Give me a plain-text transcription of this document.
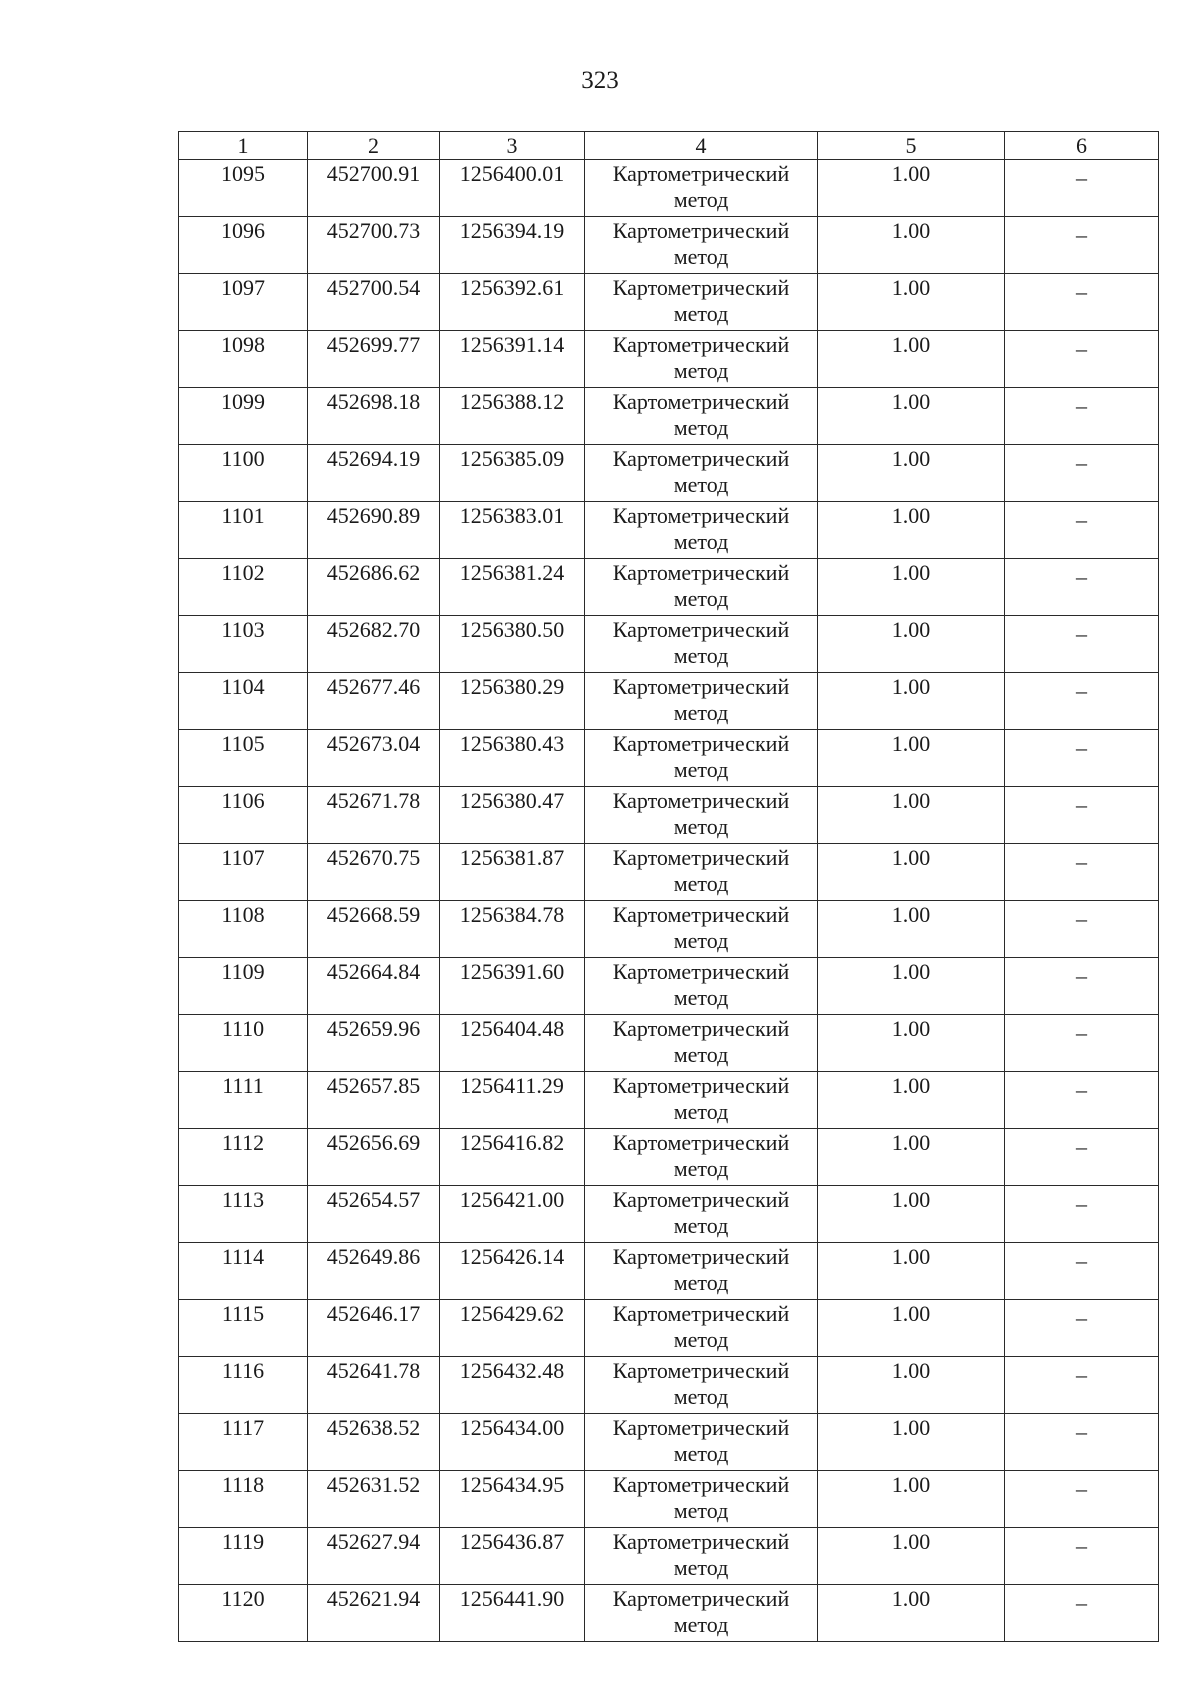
323
1	2	3	4	5	6
1095	452700.91	1256400.01	Картометрический метод	1.00	–
1096	452700.73	1256394.19	Картометрический метод	1.00	–
1097	452700.54	1256392.61	Картометрический метод	1.00	–
1098	452699.77	1256391.14	Картометрический метод	1.00	–
1099	452698.18	1256388.12	Картометрический метод	1.00	–
1100	452694.19	1256385.09	Картометрический метод	1.00	–
1101	452690.89	1256383.01	Картометрический метод	1.00	–
1102	452686.62	1256381.24	Картометрический метод	1.00	–
1103	452682.70	1256380.50	Картометрический метод	1.00	–
1104	452677.46	1256380.29	Картометрический метод	1.00	–
1105	452673.04	1256380.43	Картометрический метод	1.00	–
1106	452671.78	1256380.47	Картометрический метод	1.00	–
1107	452670.75	1256381.87	Картометрический метод	1.00	–
1108	452668.59	1256384.78	Картометрический метод	1.00	–
1109	452664.84	1256391.60	Картометрический метод	1.00	–
1110	452659.96	1256404.48	Картометрический метод	1.00	–
1111	452657.85	1256411.29	Картометрический метод	1.00	–
1112	452656.69	1256416.82	Картометрический метод	1.00	–
1113	452654.57	1256421.00	Картометрический метод	1.00	–
1114	452649.86	1256426.14	Картометрический метод	1.00	–
1115	452646.17	1256429.62	Картометрический метод	1.00	–
1116	452641.78	1256432.48	Картометрический метод	1.00	–
1117	452638.52	1256434.00	Картометрический метод	1.00	–
1118	452631.52	1256434.95	Картометрический метод	1.00	–
1119	452627.94	1256436.87	Картометрический метод	1.00	–
1120	452621.94	1256441.90	Картометрический метод	1.00	–
